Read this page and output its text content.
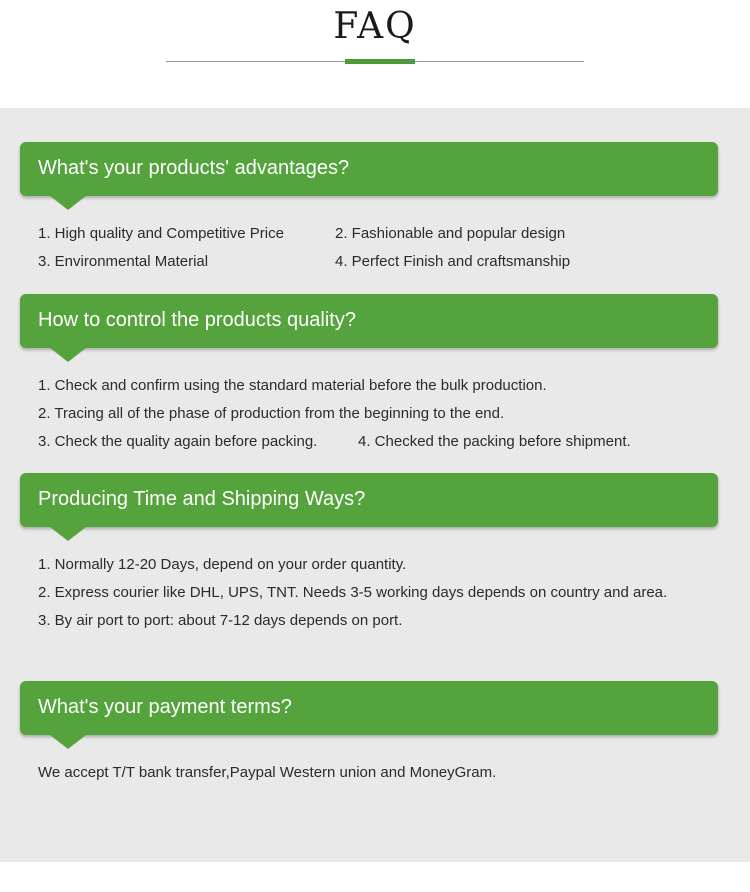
FAQ
What's your products' advantages?
1. High quality and Competitive Price	2. Fashionable and popular design
3. Environmental Material	4. Perfect Finish and craftsmanship
How to control the products quality?
1. Check and confirm using the standard material before the bulk production.
2. Tracing all of the phase of production from the beginning to the end.
3. Check the quality again before packing.	4. Checked the packing before shipment.
Producing Time and Shipping Ways?
1. Normally 12-20 Days, depend on your order quantity.
2. Express courier like DHL, UPS, TNT. Needs 3-5 working days depends on country and area.
3. By air port to port: about 7-12 days depends on port.
What's your payment terms?
We accept T/T bank transfer,Paypal Western union and MoneyGram.
